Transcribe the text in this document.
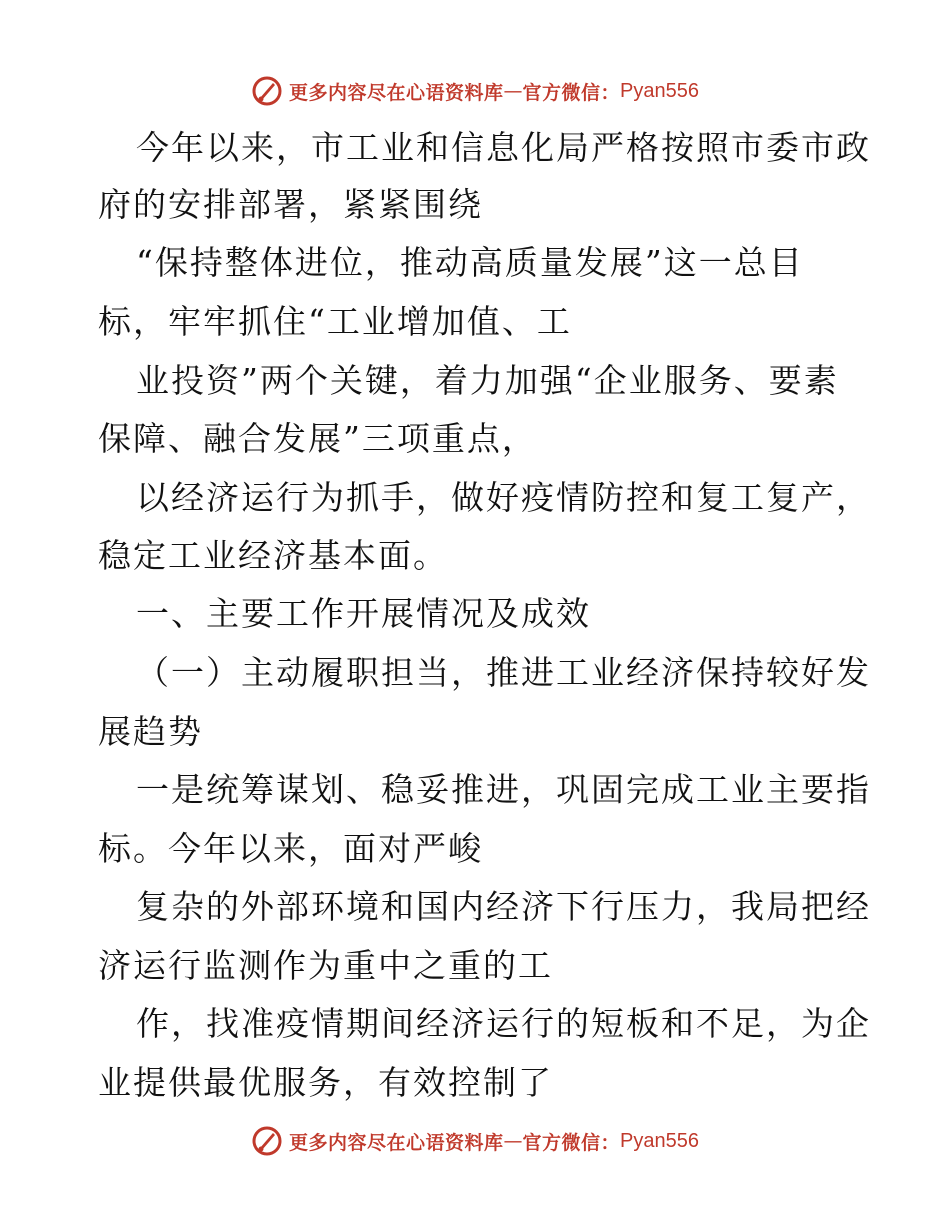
更多内容尽在心语资料库 — 官方微信： Pyan556
今年以来，市工业和信息化局严格按照市委市政
府的安排部署，紧紧围绕
“保持整体进位，推动高质量发展”这一总目
标，牢牢抓住“工业增加值、工
业投资”两个关键，着力加强“企业服务、要素
保障、融合发展”三项重点，
以经济运行为抓手，做好疫情防控和复工复产，
稳定工业经济基本面。
一、主要工作开展情况及成效
（一）主动履职担当，推进工业经济保持较好发
展趋势
一是统筹谋划、稳妥推进，巩固完成工业主要指
标。今年以来，面对严峻
复杂的外部环境和国内经济下行压力，我局把经
济运行监测作为重中之重的工
作，找准疫情期间经济运行的短板和不足，为企
业提供最优服务，有效控制了
更多内容尽在心语资料库 — 官方微信： Pyan556
